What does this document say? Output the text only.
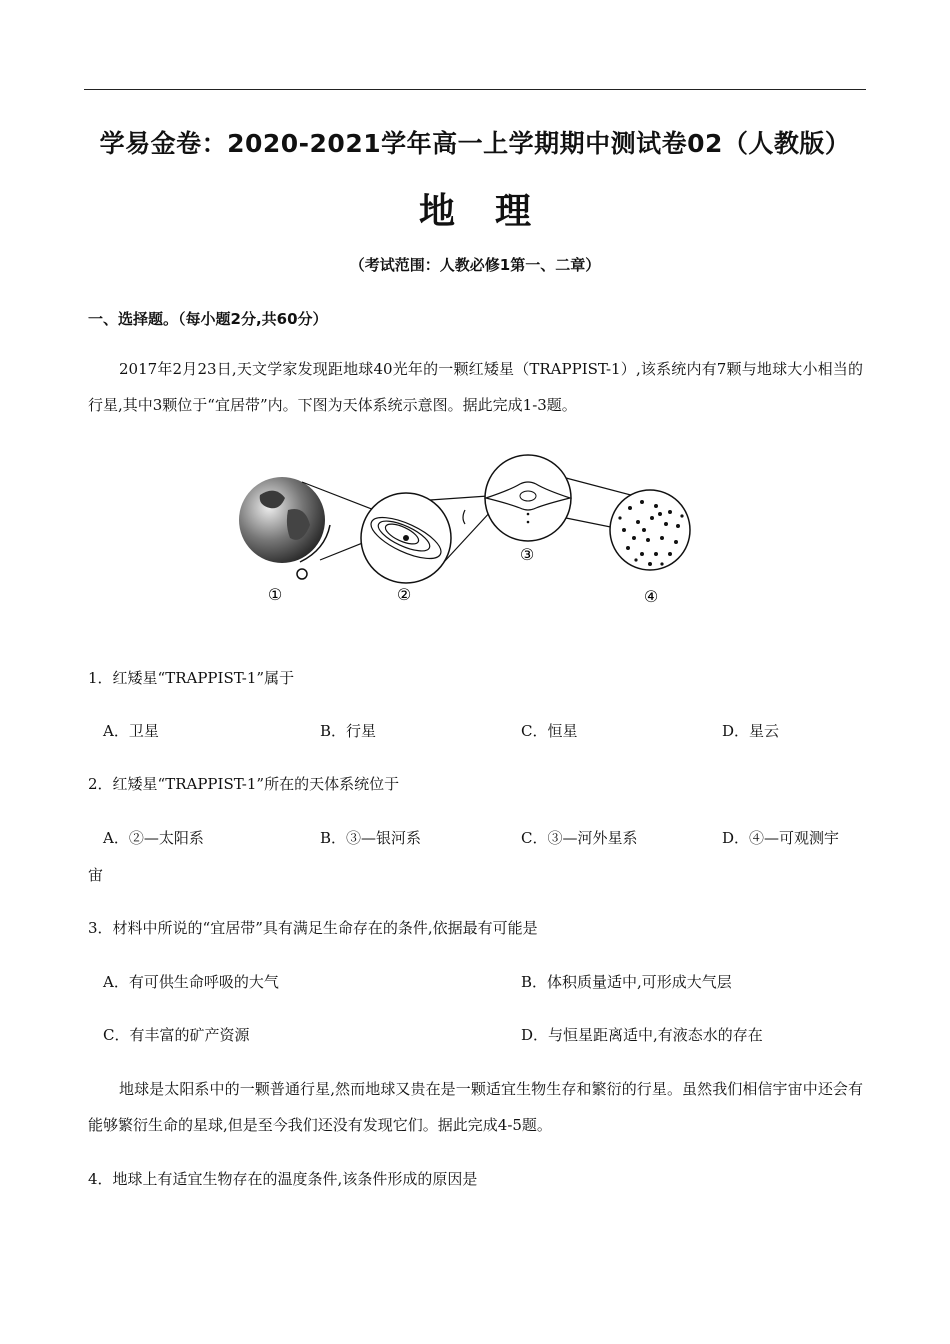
学易金卷：2020-2021学年高一上学期期中测试卷02（人教版）
地理
（考试范围：人教必修1第一、二章）
一、选择题。（每小题2分,共60分）
2017年2月23日,天文学家发现距地球40光年的一颗红矮星（TRAPPIST-1）,该系统内有7颗与地球大小相当的行星,其中3颗位于“宜居带”内。下图为天体系统示意图。据此完成1-3题。
①	②
③
④
1．红矮星“TRAPPIST-1”属于
A．卫星	B．行星	C．恒星	D．星云
2．红矮星“TRAPPIST-1”所在的天体系统位于
A．②—太阳系	B．③—银河系	C．③—河外星系	D．④—可观测宇
宙
3．材料中所说的“宜居带”具有满足生命存在的条件,依据最有可能是
A．有可供生命呼吸的大气	B．体积质量适中,可形成大气层
C．有丰富的矿产资源	D．与恒星距离适中,有液态水的存在
地球是太阳系中的一颗普通行星,然而地球又贵在是一颗适宜生物生存和繁衍的行星。虽然我们相信宇宙中还会有能够繁衍生命的星球,但是至今我们还没有发现它们。据此完成4-5题。
4．地球上有适宜生物存在的温度条件,该条件形成的原因是
